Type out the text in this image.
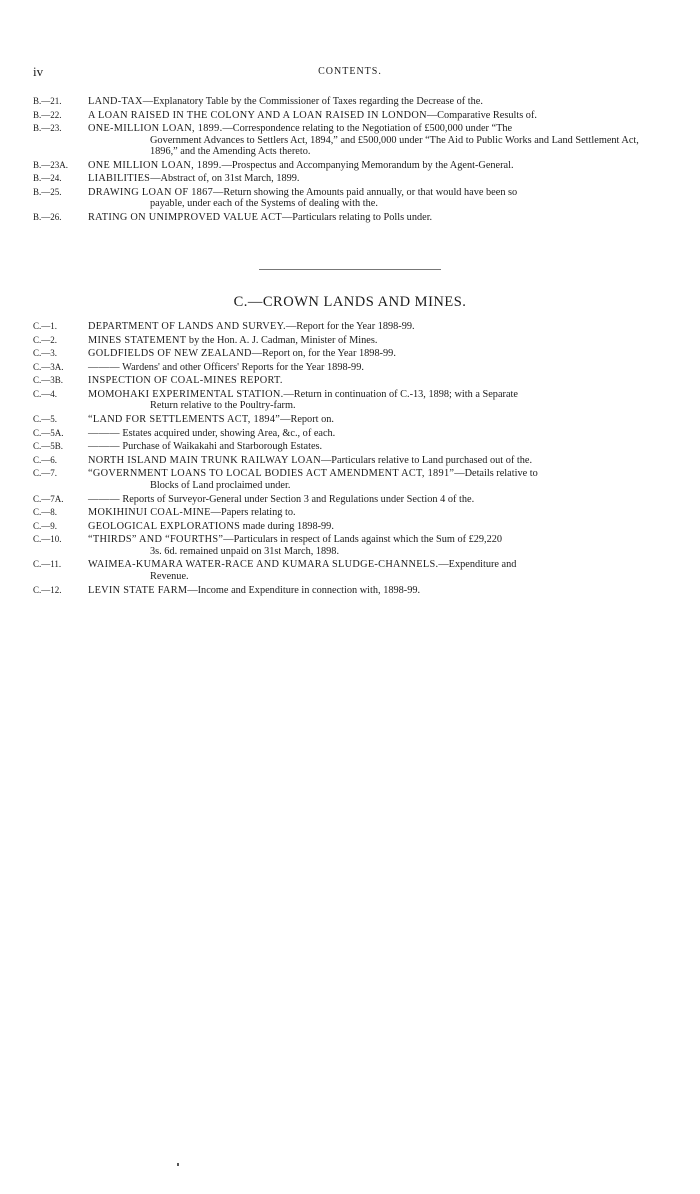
iv	CONTENTS.
B.—21.	LAND-TAX—Explanatory Table by the Commissioner of Taxes regarding the Decrease of the.
B.—22.	A LOAN RAISED IN THE COLONY AND A LOAN RAISED IN LONDON—Comparative Results of.
B.—23.	ONE-MILLION LOAN, 1899.—Correspondence relating to the Negotiation of £500,000 under “The
Government Advances to Settlers Act, 1894,” and £500,000 under “The Aid to Public Works and Land Settlement Act, 1896,” and the Amending Acts thereto.
B.—23A.	ONE MILLION LOAN, 1899.—Prospectus and Accompanying Memorandum by the Agent-General.
B.—24.	LIABILITIES—Abstract of, on 31st March, 1899.
B.—25.	DRAWING LOAN OF 1867—Return showing the Amounts paid annually, or that would have been so
payable, under each of the Systems of dealing with the.
B.—26.	RATING ON UNIMPROVED VALUE ACT—Particulars relating to Polls under.
C.—CROWN LANDS AND MINES.
C.—1.	DEPARTMENT OF LANDS AND SURVEY.—Report for the Year 1898-99.
C.—2.	MINES STATEMENT by the Hon. A. J. Cadman, Minister of Mines.
C.—3.	GOLDFIELDS OF NEW ZEALAND—Report on, for the Year 1898-99.
C.—3A.	——— Wardens' and other Officers' Reports for the Year 1898-99.
C.—3B.	INSPECTION OF COAL-MINES REPORT.
C.—4.	MOMOHAKI EXPERIMENTAL STATION.—Return in continuation of C.-13, 1898; with a Separate
Return relative to the Poultry-farm.
C.—5.	“LAND FOR SETTLEMENTS ACT, 1894”—Report on.
C.—5A.	——— Estates acquired under, showing Area, &c., of each.
C.—5B.	——— Purchase of Waikakahi and Starborough Estates.
C.—6.	NORTH ISLAND MAIN TRUNK RAILWAY LOAN—Particulars relative to Land purchased out of the.
C.—7.	“GOVERNMENT LOANS TO LOCAL BODIES ACT AMENDMENT ACT, 1891”—Details relative to
Blocks of Land proclaimed under.
C.—7A.	——— Reports of Surveyor-General under Section 3 and Regulations under Section 4 of the.
C.—8.	MOKIHINUI COAL-MINE—Papers relating to.
C.—9.	GEOLOGICAL EXPLORATIONS made during 1898-99.
C.—10.	“THIRDS” AND “FOURTHS”—Particulars in respect of Lands against which the Sum of £29,220
3s. 6d. remained unpaid on 31st March, 1898.
C.—11.	WAIMEA-KUMARA WATER-RACE AND KUMARA SLUDGE-CHANNELS.—Expenditure and
Revenue.
C.—12.	LEVIN STATE FARM—Income and Expenditure in connection with, 1898-99.
